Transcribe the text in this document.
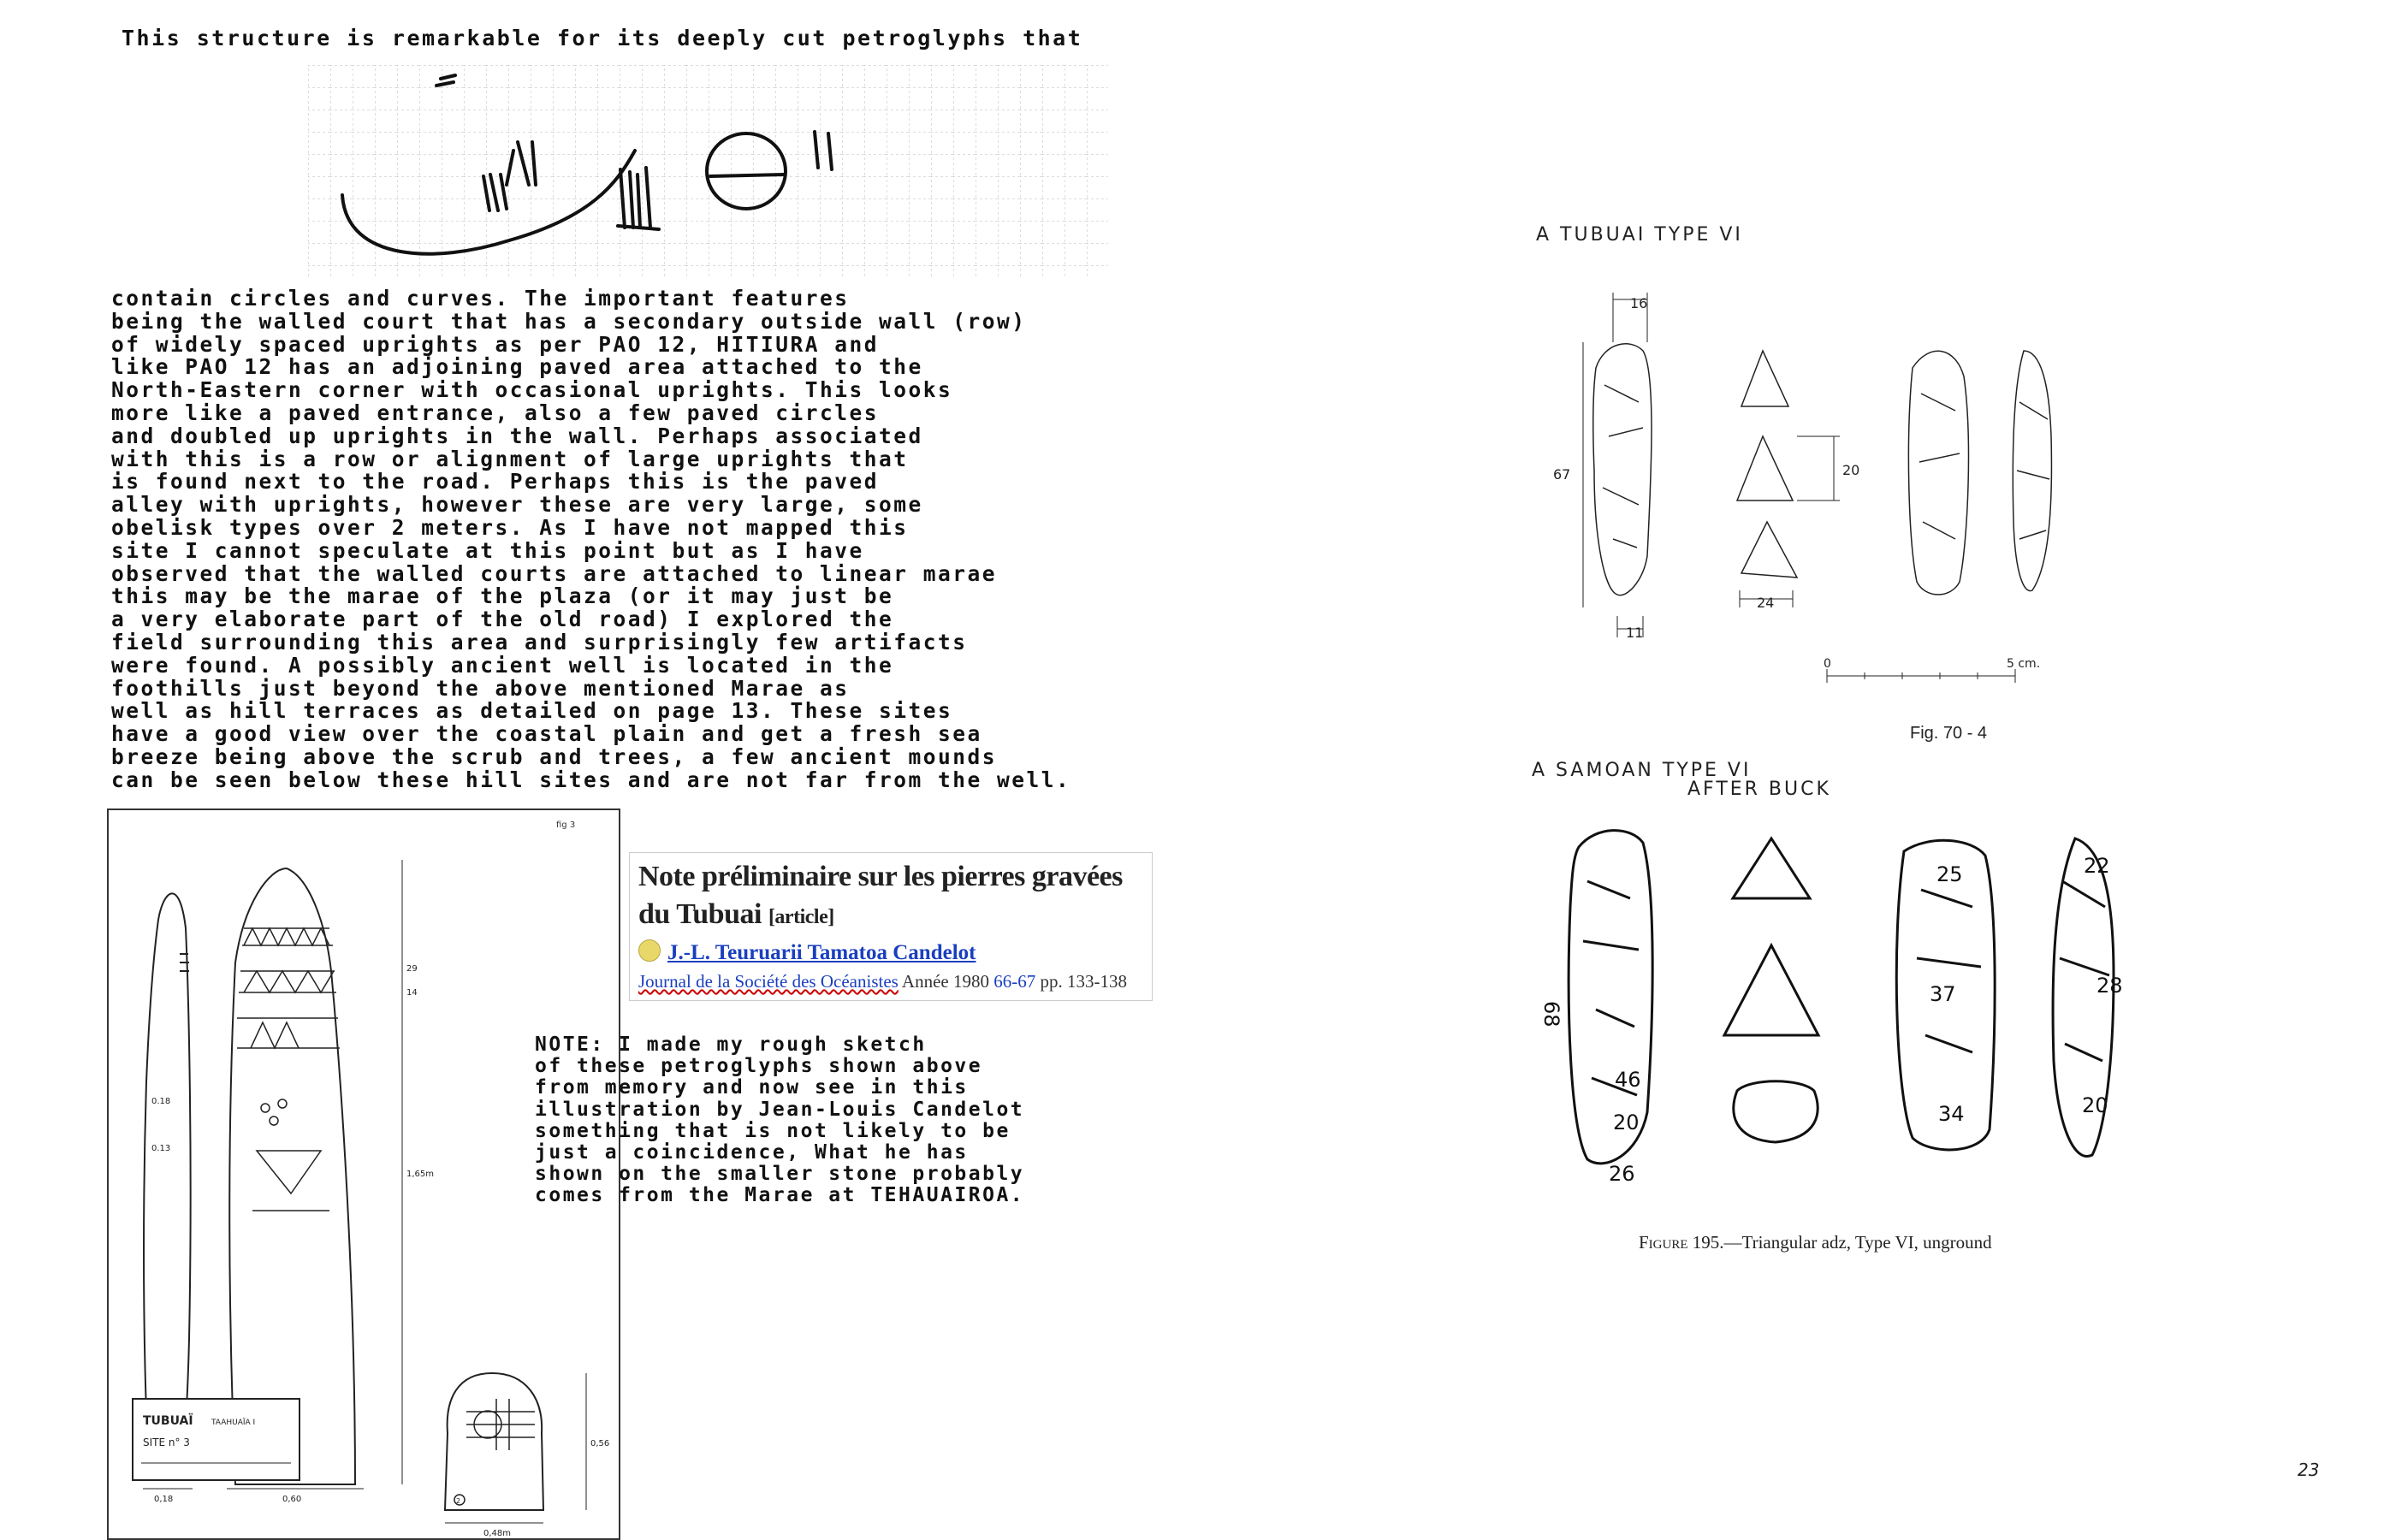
This structure is remarkable for its deeply cut petroglyphs that
contain circles and curves. The important features
being the walled court that has a secondary outside wall (row)
of widely spaced uprights as per PAO 12, HITIURA and
like PAO 12 has an adjoining paved area attached to the
North-Eastern corner with occasional uprights. This looks
more like a paved entrance, also a few paved circles
and doubled up uprights in the wall. Perhaps associated
with this is a row or alignment of large uprights that
is found next to the road. Perhaps this is the paved
alley with uprights, however these are very large, some
obelisk types over 2 meters. As I have not mapped this
site I cannot speculate at this point but as I have
observed that the walled courts are attached to linear marae
this may be the marae of the plaza (or it may just be
a very elaborate part of the old road) I explored the
field surrounding this area and surprisingly few artifacts
were found. A possibly ancient well is located in the
foothills just beyond the above mentioned Marae as
well as hill terraces as detailed on page 13. These sites
have a good view over the coastal plain and get a fresh sea
breeze being above the scrub and trees, a few ancient mounds
can be seen below these hill sites and are not far from the well.
fig 3
0.18
0.13
0,18	0,60
1,65m
29
14
2
0,48m
0,56
TUBUAÏ TAAHUAÏA I
SITE n° 3
Note préliminaire sur les pierres gravées du Tubuai [article]
J.-L. Teuruarii Tamatoa Candelot
Journal de la Société des Océanistes Année 1980 66-67 pp. 133-138
NOTE: I made my rough sketch
of these petroglyphs shown above
from memory and now see in this
illustration by Jean-Louis Candelot
something that is not likely to be
just a coincidence, What he has
shown on the smaller stone probably
comes from the Marae at TEHAUAIROA.
A TUBUAI TYPE VI
16
67
11
20
24
0	5 cm.
Fig. 70 - 4
A SAMOAN TYPE VI
AFTER BUCK
68
46
20
26
25
37
34
22
28
20
Figure 195.—Triangular adz, Type VI, unground
23
